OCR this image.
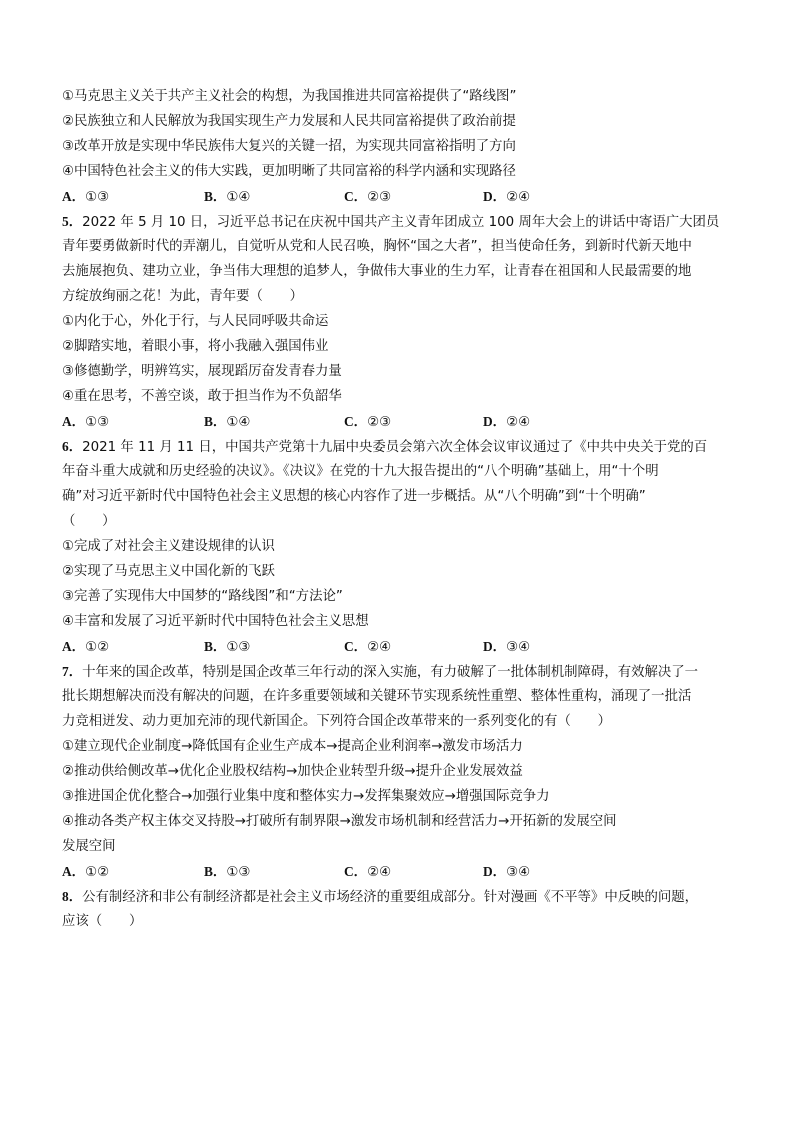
①马克思主义关于共产主义社会的构想，为我国推进共同富裕提供了“路线图”
②民族独立和人民解放为我国实现生产力发展和人民共同富裕提供了政治前提
③改革开放是实现中华民族伟大复兴的关键一招，为实现共同富裕指明了方向
④中国特色社会主义的伟大实践，更加明晰了共同富裕的科学内涵和实现路径
A．①③	B．①④	C．②③	D．②④
5．2022 年 5 月 10 日，习近平总书记在庆祝中国共产主义青年团成立 100 周年大会上的讲话中寄语广大团员
青年要勇做新时代的弄潮儿，自觉听从党和人民召唤，胸怀“国之大者”，担当使命任务，到新时代新天地中
去施展抱负、建功立业，争当伟大理想的追梦人，争做伟大事业的生力军，让青春在祖国和人民最需要的地
方绽放绚丽之花！为此，青年要（　　）
①内化于心，外化于行，与人民同呼吸共命运
②脚踏实地，着眼小事，将小我融入强国伟业
③修德勤学，明辨笃实，展现蹈厉奋发青春力量
④重在思考，不善空谈，敢于担当作为不负韶华
A．①③	B．①④	C．②③	D．②④
6．2021 年 11 月 11 日，中国共产党第十九届中央委员会第六次全体会议审议通过了《中共中央关于党的百
年奋斗重大成就和历史经验的决议》。《决议》在党的十九大报告提出的“八个明确”基础上，用“十个明
确”对习近平新时代中国特色社会主义思想的核心内容作了进一步概括。从“八个明确”到“十个明确”
（　　）
①完成了对社会主义建设规律的认识
②实现了马克思主义中国化新的飞跃
③完善了实现伟大中国梦的“路线图”和“方法论”
④丰富和发展了习近平新时代中国特色社会主义思想
A．①②	B．①③	C．②④	D．③④
7．十年来的国企改革，特别是国企改革三年行动的深入实施，有力破解了一批体制机制障碍，有效解决了一
批长期想解决而没有解决的问题，在许多重要领域和关键环节实现系统性重塑、整体性重构，涌现了一批活
力竞相迸发、动力更加充沛的现代新国企。下列符合国企改革带来的一系列变化的有（　　）
①建立现代企业制度→降低国有企业生产成本→提高企业利润率→激发市场活力
②推动供给侧改革→优化企业股权结构→加快企业转型升级→提升企业发展效益
③推进国企优化整合→加强行业集中度和整体实力→发挥集聚效应→增强国际竞争力
④推动各类产权主体交叉持股→打破所有制界限→激发市场机制和经营活力→开拓新的发展空间
发展空间
A．①②	B．①③	C．②④	D．③④
8．公有制经济和非公有制经济都是社会主义市场经济的重要组成部分。针对漫画《不平等》中反映的问题，
应该（　　）
